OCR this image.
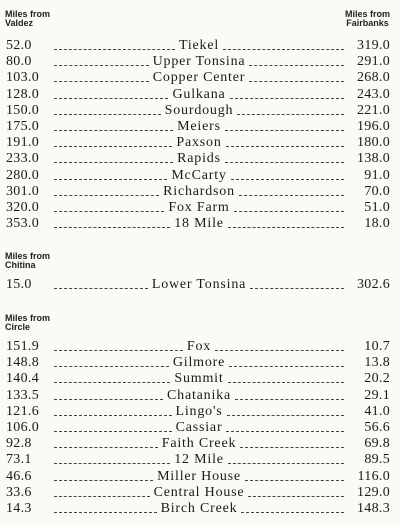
Miles from
Valdez
Miles from
Fairbanks
52.0	Tiekel	319.0
80.0	Upper Tonsina	291.0
103.0	Copper Center	268.0
128.0	Gulkana	243.0
150.0	Sourdough	221.0
175.0	Meiers	196.0
191.0	Paxson	180.0
233.0	Rapids	138.0
280.0	McCarty	91.0
301.0	Richardson	70.0
320.0	Fox Farm	51.0
353.0	18 Mile	18.0
Miles from
Chitina
15.0	Lower Tonsina	302.6
Miles from
Circle
151.9	Fox	10.7
148.8	Gilmore	13.8
140.4	Summit	20.2
133.5	Chatanika	29.1
121.6	Lingo's	41.0
106.0	Cassiar	56.6
92.8	Faith Creek	69.8
73.1	12 Mile	89.5
46.6	Miller House	116.0
33.6	Central House	129.0
14.3	Birch Creek	148.3
